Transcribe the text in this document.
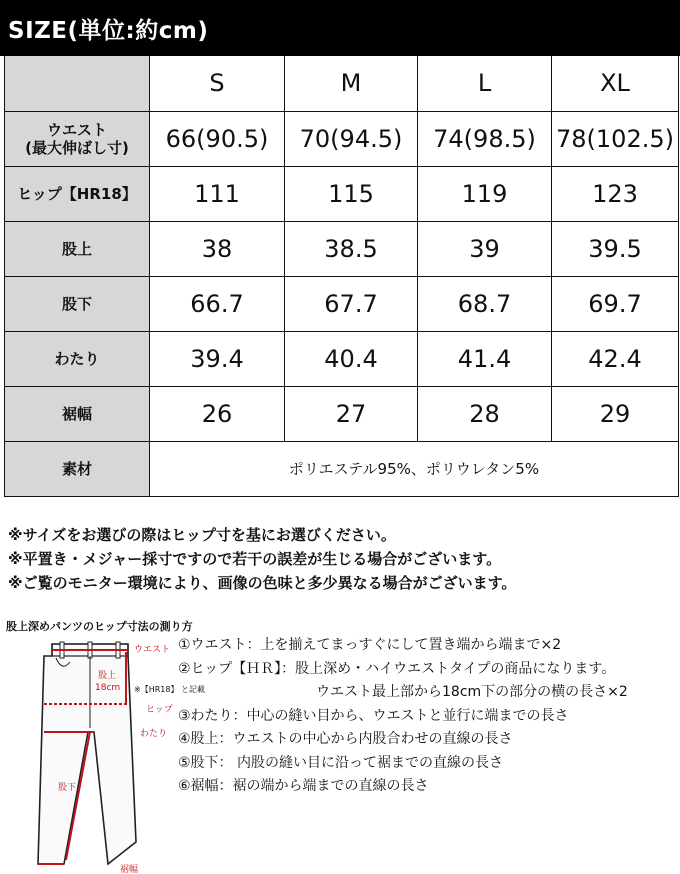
SIZE(単位:約cm)
	S	M	L	XL

ウエスト
(最大伸ばし寸)	66(90.5)	70(94.5)	74(98.5)	78(102.5)
ヒップ【HR18】	111	115	119	123
股上	38	38.5	39	39.5
股下	66.7	67.7	68.7	69.7
わたり	39.4	40.4	41.4	42.4
裾幅	26	27	28	29
素材	ポリエステル95%、ポリウレタン5%			
※サイズをお選びの際はヒップ寸を基にお選びください。
※平置き・メジャー採寸ですので若干の誤差が生じる場合がございます。
※ご覧のモニター環境により、画像の色味と多少異なる場合がございます。
股上深めパンツのヒップ寸法の測り方
ウエスト
股上
18cm ※【HR18】 と記載
ヒップ
わたり
股下
裾幅
①ウエスト：上を揃えてまっすぐにして置き端から端まで×2
②ヒップ【ＨＲ】：股上深め・ハイウエストタイプの商品になります。
ウエスト最上部から18cm下の部分の横の長さ×2
③わたり：中心の縫い目から、ウエストと並行に端までの長さ
④股上：ウエストの中心から内股合わせの直線の長さ
⑤股下： 内股の縫い目に沿って裾までの直線の長さ
⑥裾幅：裾の端から端までの直線の長さ
